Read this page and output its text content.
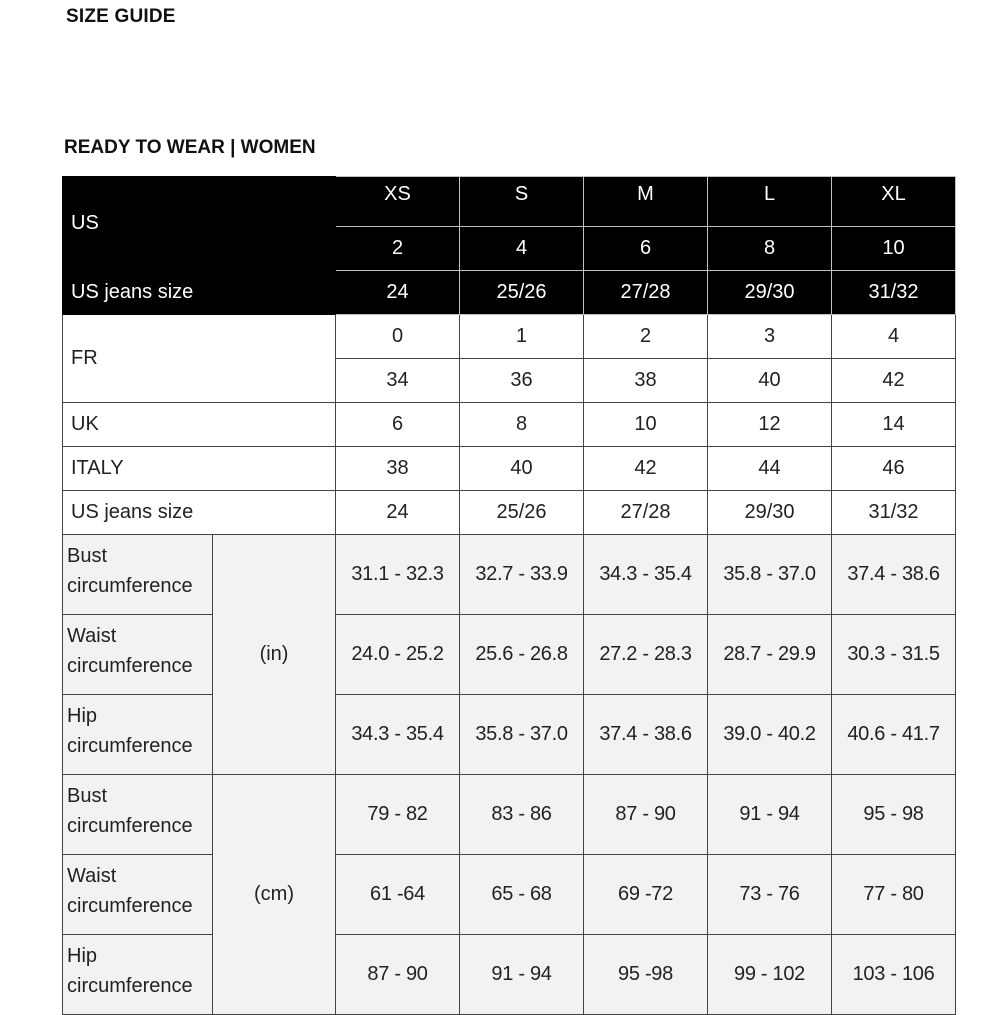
SIZE GUIDE
READY TO WEAR | WOMEN
US		XS	S	M	L	XL
		2	4	6	8	10
US jeans size		24	25/26	27/28	29/30	31/32
FR		0	1	2	3	4
		34	36	38	40	42
UK		6	8	10	12	14
ITALY		38	40	42	44	46
US jeans size		24	25/26	27/28	29/30	31/32
Bust
circumference	(in)	31.1 - 32.3	32.7 - 33.9	34.3 - 35.4	35.8 - 37.0	37.4 - 38.6
Waist
circumference		24.0 - 25.2	25.6 - 26.8	27.2 - 28.3	28.7 - 29.9	30.3 - 31.5
Hip
circumference		34.3 - 35.4	35.8 - 37.0	37.4 - 38.6	39.0 - 40.2	40.6 - 41.7
Bust
circumference	(cm)	79 - 82	83 - 86	87 - 90	91 - 94	95 - 98
Waist
circumference		61 -64	65 - 68	69 -72	73 - 76	77 - 80
Hip
circumference		87 - 90	91 - 94	95 -98	99 - 102	103 - 106
